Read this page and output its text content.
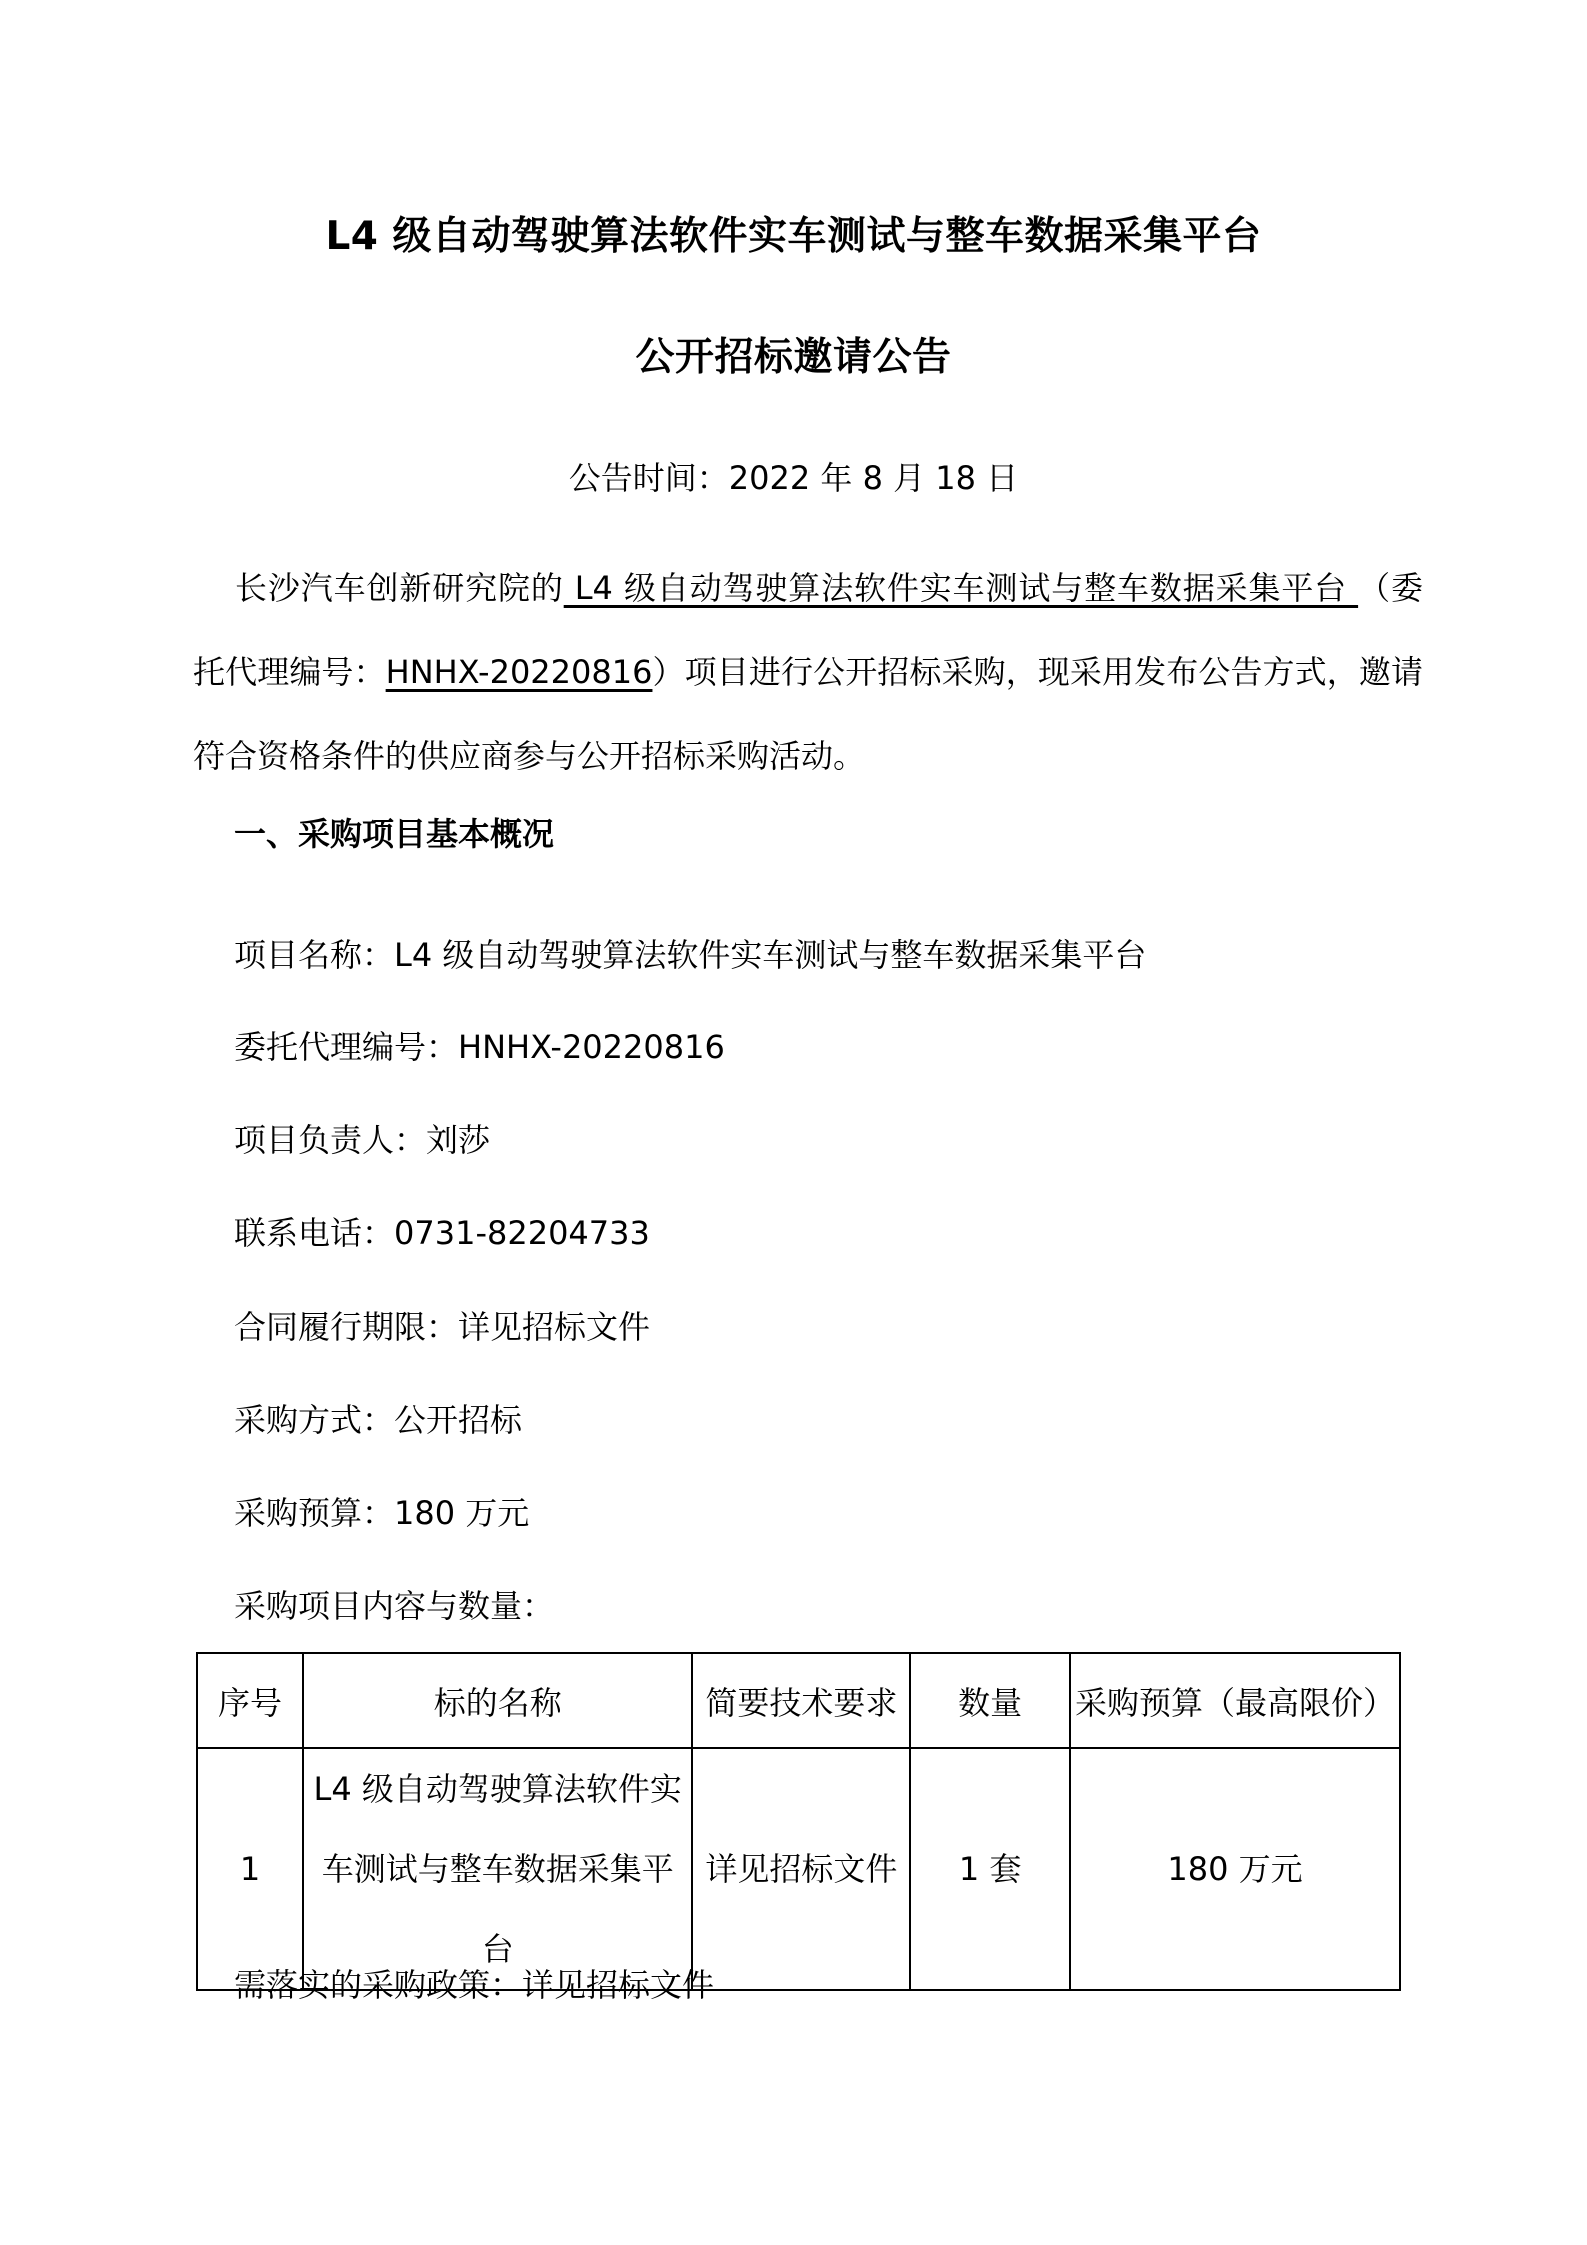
L4 级自动驾驶算法软件实车测试与整车数据采集平台
公开招标邀请公告
公告时间：2022 年 8 月 18 日

长沙汽车创新研究院的 L4 级自动驾驶算法软件实车测试与整车数据采集平台 （委托代理编号：HNHX-20220816）项目进行公开招标采购，现采用发布公告方式，邀请符合资格条件的供应商参与公开招标采购活动。

一、采购项目基本概况
项目名称：L4 级自动驾驶算法软件实车测试与整车数据采集平台
委托代理编号：HNHX-20220816
项目负责人：刘莎
联系电话：0731-82204733
合同履行期限：详见招标文件
采购方式：公开招标
采购预算：180 万元
采购项目内容与数量：
序号	标的名称	简要技术要求	数量	采购预算（最高限价）
1	L4 级自动驾驶算法软件实车测试与整车数据采集平台	详见招标文件	1 套	180 万元
需落实的采购政策：详见招标文件
